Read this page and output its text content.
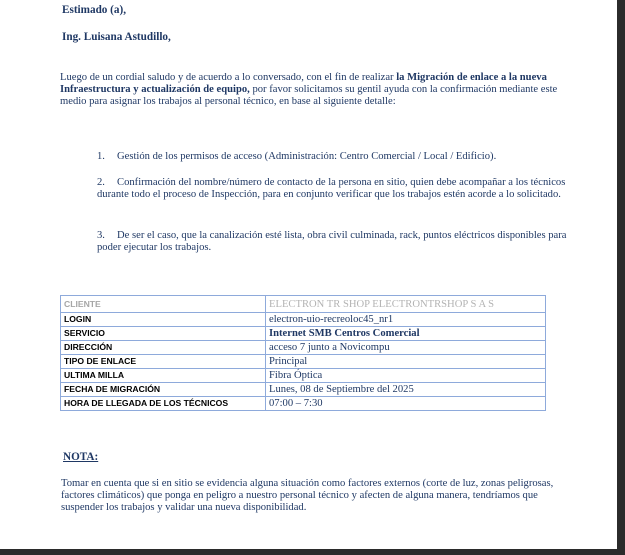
Estimado (a),
Ing. Luisana Astudillo,
Luego de un cordial saludo y de acuerdo a lo conversado, con el fin de realizar la Migración de enlace a la nueva Infraestructura y actualización de equipo, por favor solicitamos su gentil ayuda con la confirmación mediante este medio para asignar los trabajos al personal técnico, en base al siguiente detalle:
1. Gestión de los permisos de acceso (Administración: Centro Comercial / Local / Edificio).
2. Confirmación del nombre/número de contacto de la persona en sitio, quien debe acompañar a los técnicos durante todo el proceso de Inspección, para en conjunto verificar que los trabajos estén acorde a lo solicitado.
3. De ser el caso, que la canalización esté lista, obra civil culminada, rack, puntos eléctricos disponibles para poder ejecutar los trabajos.
CLIENTE	ELECTRON TR SHOP ELECTRONTRSHOP S A S
LOGIN	electron-uio-recreoloc45_nr1
SERVICIO	Internet SMB Centros Comercial
DIRECCIÓN	acceso 7 junto a Novicompu
TIPO DE ENLACE	Principal
ULTIMA MILLA	Fibra Óptica
FECHA DE MIGRACIÓN	Lunes, 08 de Septiembre del 2025
HORA DE LLEGADA DE LOS TÉCNICOS	07:00 – 7:30
NOTA:
Tomar en cuenta que si en sitio se evidencia alguna situación como factores externos (corte de luz, zonas peligrosas, factores climáticos) que ponga en peligro a nuestro personal técnico y afecten de alguna manera, tendríamos que suspender los trabajos y validar una nueva disponibilidad.
